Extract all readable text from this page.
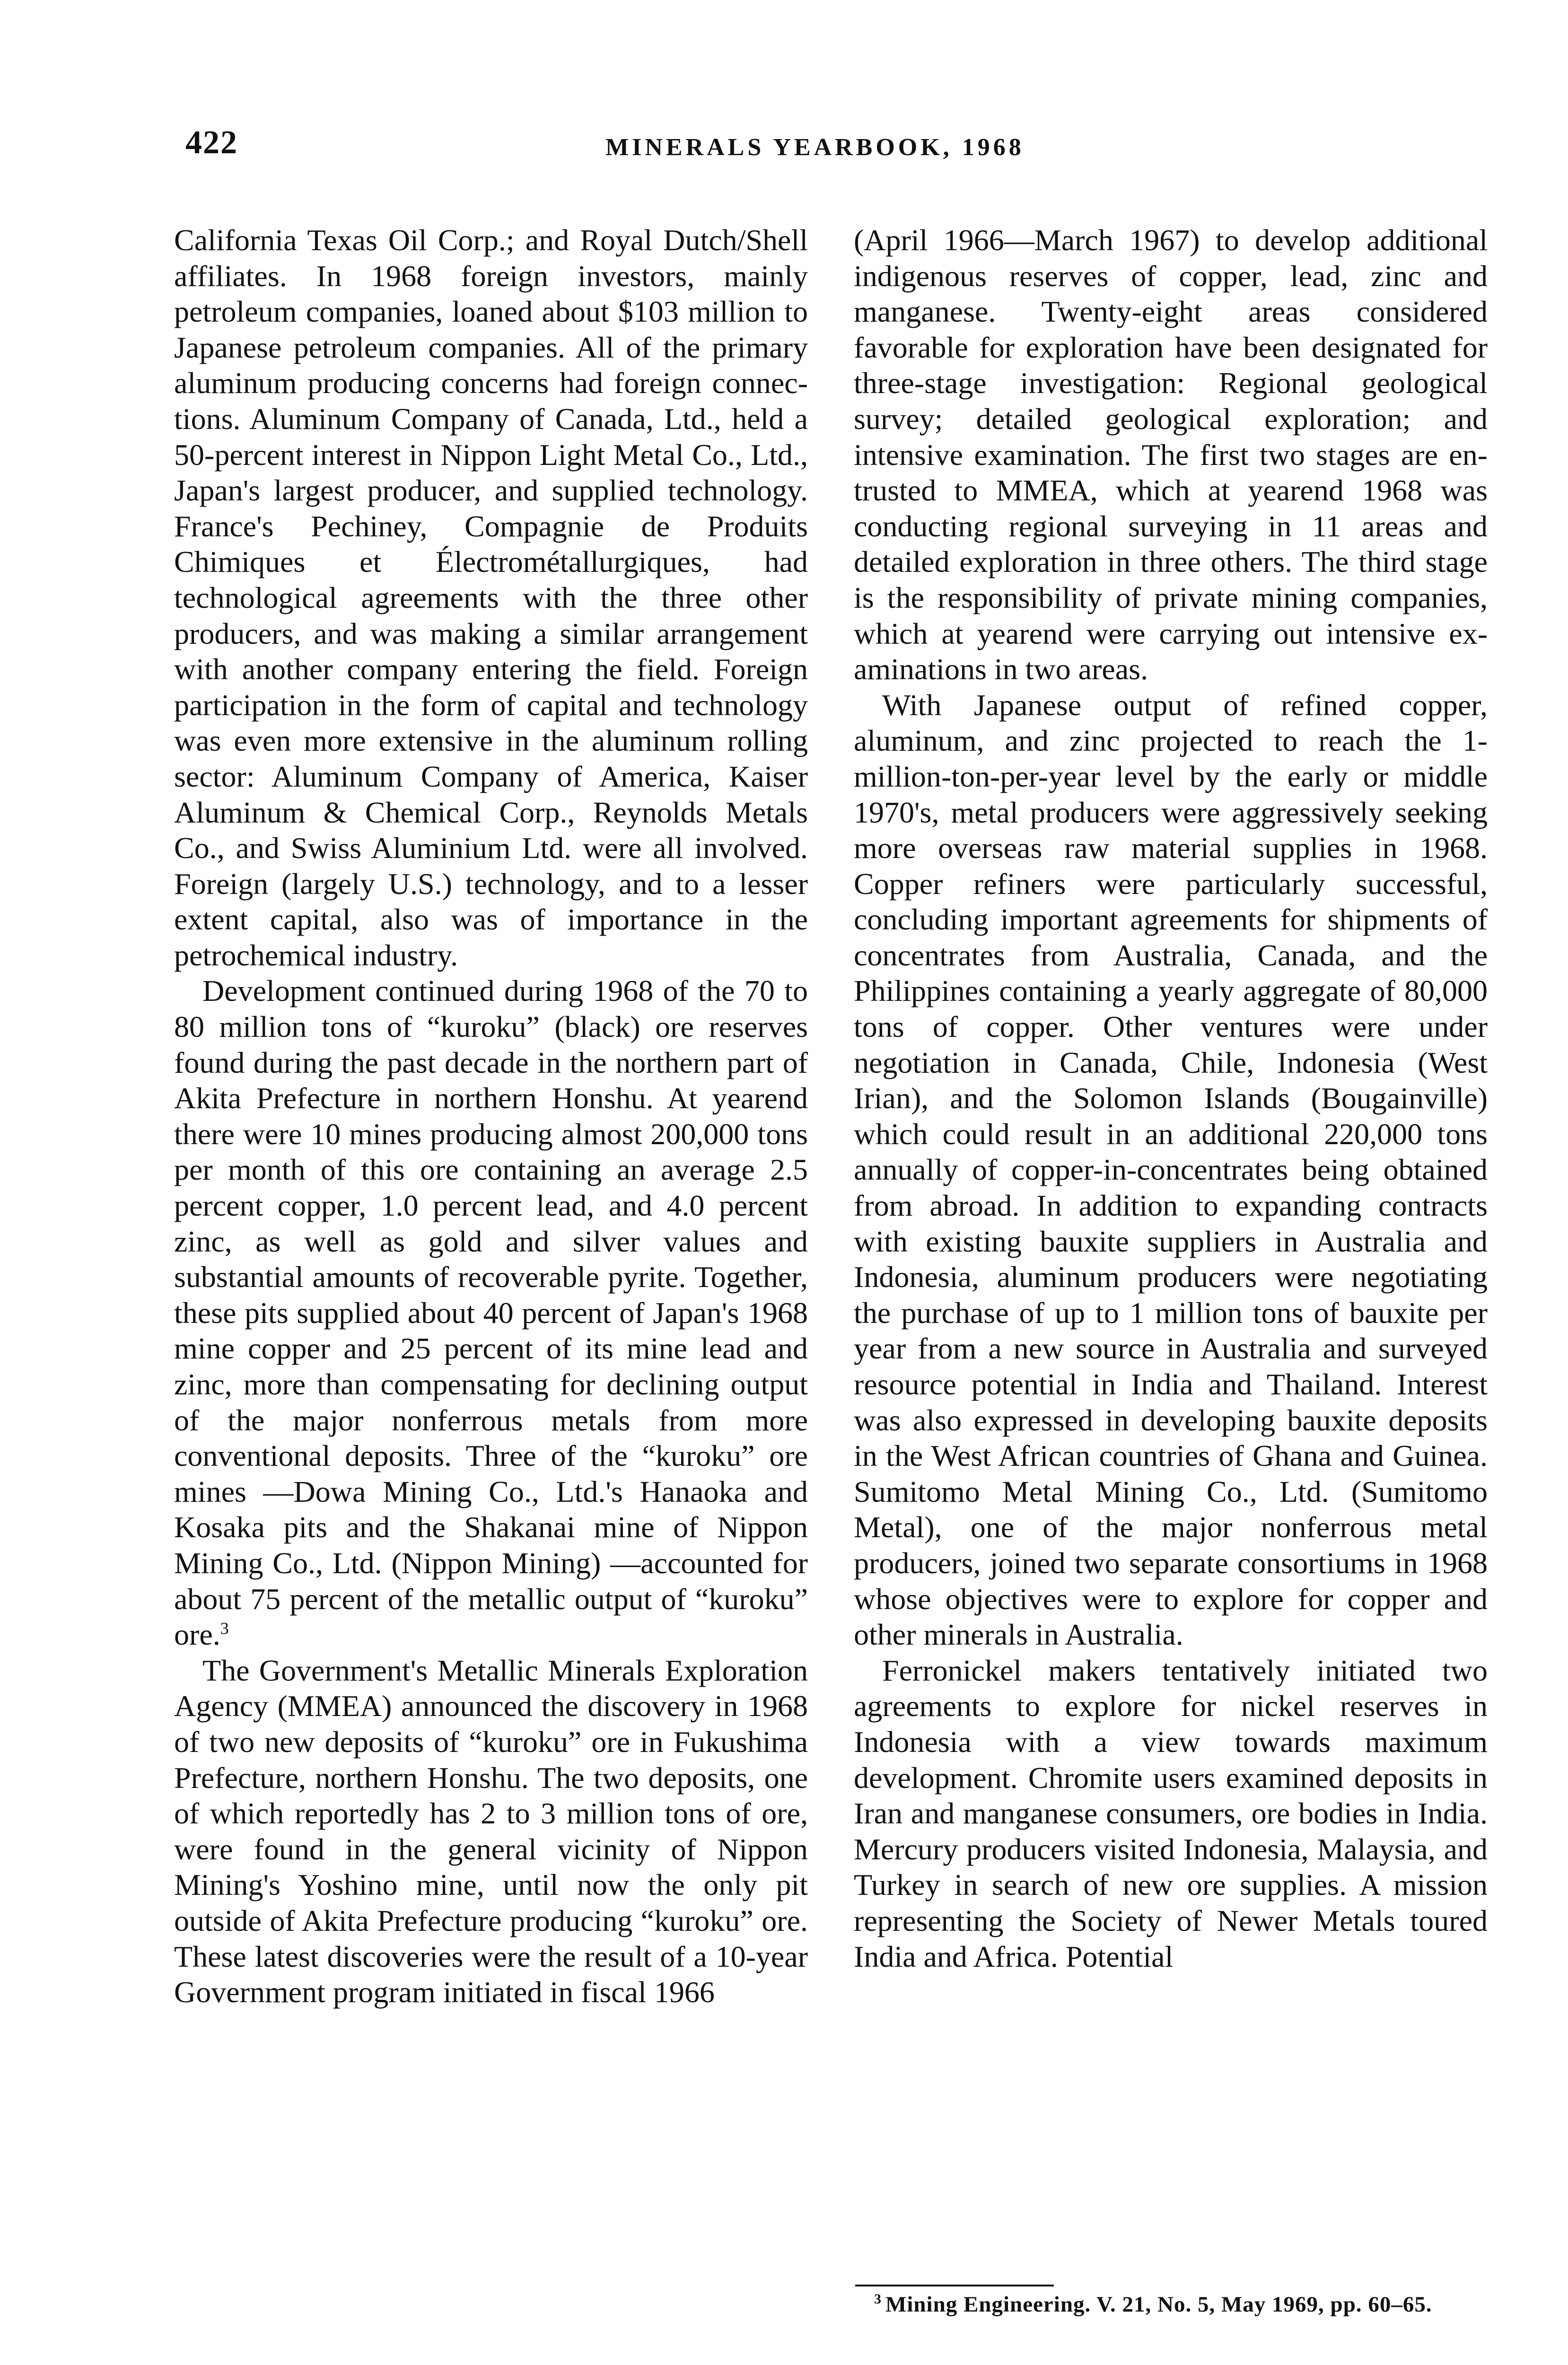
422	MINERALS YEARBOOK, 1968

California Texas Oil Corp.; and Royal Dutch/Shell affiliates. In 1968 foreign investors, mainly petroleum companies, loaned about $103 million to Japanese petroleum companies. All of the primary aluminum producing concerns had foreign connections. Aluminum Company of Canada, Ltd., held a 50-percent interest in Nippon Light Metal Co., Ltd., Japan's largest producer, and supplied technology. France's Pechiney, Compagnie de Produits Chimiques et Électrométallurgiques, had technological agreements with the three other producers, and was making a similar arrangement with another company entering the field. Foreign participation in the form of capital and technology was even more extensive in the aluminum rolling sector: Aluminum Company of America, Kaiser Aluminum & Chemical Corp., Reynolds Metals Co., and Swiss Aluminium Ltd. were all involved. Foreign (largely U.S.) technology, and to a lesser extent capital, also was of importance in the petrochemical industry.

Development continued during 1968 of the 70 to 80 million tons of “kuroku” (black) ore reserves found during the past decade in the northern part of Akita Prefecture in northern Honshu. At yearend there were 10 mines producing almost 200,000 tons per month of this ore containing an average 2.5 percent copper, 1.0 percent lead, and 4.0 percent zinc, as well as gold and silver values and substantial amounts of recoverable pyrite. Together, these pits supplied about 40 percent of Japan's 1968 mine copper and 25 percent of its mine lead and zinc, more than compensating for declining output of the major nonferrous metals from more conventional deposits. Three of the “kuroku” ore mines —Dowa Mining Co., Ltd.'s Hanaoka and Kosaka pits and the Shakanai mine of Nippon Mining Co., Ltd. (Nippon Mining) —accounted for about 75 percent of the metallic output of “kuroku” ore.$^3$

The Government's Metallic Minerals Exploration Agency (MMEA) announced the discovery in 1968 of two new deposits of “kuroku” ore in Fukushima Prefecture, northern Honshu. The two deposits, one of which reportedly has 2 to 3 million tons of ore, were found in the general vicinity of Nippon Mining's Yoshino mine, until now the only pit outside of Akita Prefecture producing “kuroku” ore. These latest discoveries were the result of a 10-year Government program initiated in fiscal 1966

(April 1966—March 1967) to develop additional indigenous reserves of copper, lead, zinc and manganese. Twenty-eight areas considered favorable for exploration have been designated for three-stage investigation: Regional geological survey; detailed geological exploration; and intensive examination. The first two stages are entrusted to MMEA, which at yearend 1968 was conducting regional surveying in 11 areas and detailed exploration in three others. The third stage is the responsibility of private mining companies, which at yearend were carrying out intensive examinations in two areas.

With Japanese output of refined copper, aluminum, and zinc projected to reach the 1-million-ton-per-year level by the early or middle 1970's, metal producers were aggressively seeking more overseas raw material supplies in 1968. Copper refiners were particularly successful, concluding important agreements for shipments of concentrates from Australia, Canada, and the Philippines containing a yearly aggregate of 80,000 tons of copper. Other ventures were under negotiation in Canada, Chile, Indonesia (West Irian), and the Solomon Islands (Bougainville) which could result in an additional 220,000 tons annually of copper-in-concentrates being obtained from abroad. In addition to expanding contracts with existing bauxite suppliers in Australia and Indonesia, aluminum producers were negotiating the purchase of up to 1 million tons of bauxite per year from a new source in Australia and surveyed resource potential in India and Thailand. Interest was also expressed in developing bauxite deposits in the West African countries of Ghana and Guinea. Sumitomo Metal Mining Co., Ltd. (Sumitomo Metal), one of the major nonferrous metal producers, joined two separate consortiums in 1968 whose objectives were to explore for copper and other minerals in Australia.

Ferronickel makers tentatively initiated two agreements to explore for nickel reserves in Indonesia with a view towards maximum development. Chromite users examined deposits in Iran and manganese consumers, ore bodies in India. Mercury producers visited Indonesia, Malaysia, and Turkey in search of new ore supplies. A mission representing the Society of Newer Metals toured India and Africa. Potential

$^3$ Mining Engineering. V. 21, No. 5, May 1969, pp. 60–65.
